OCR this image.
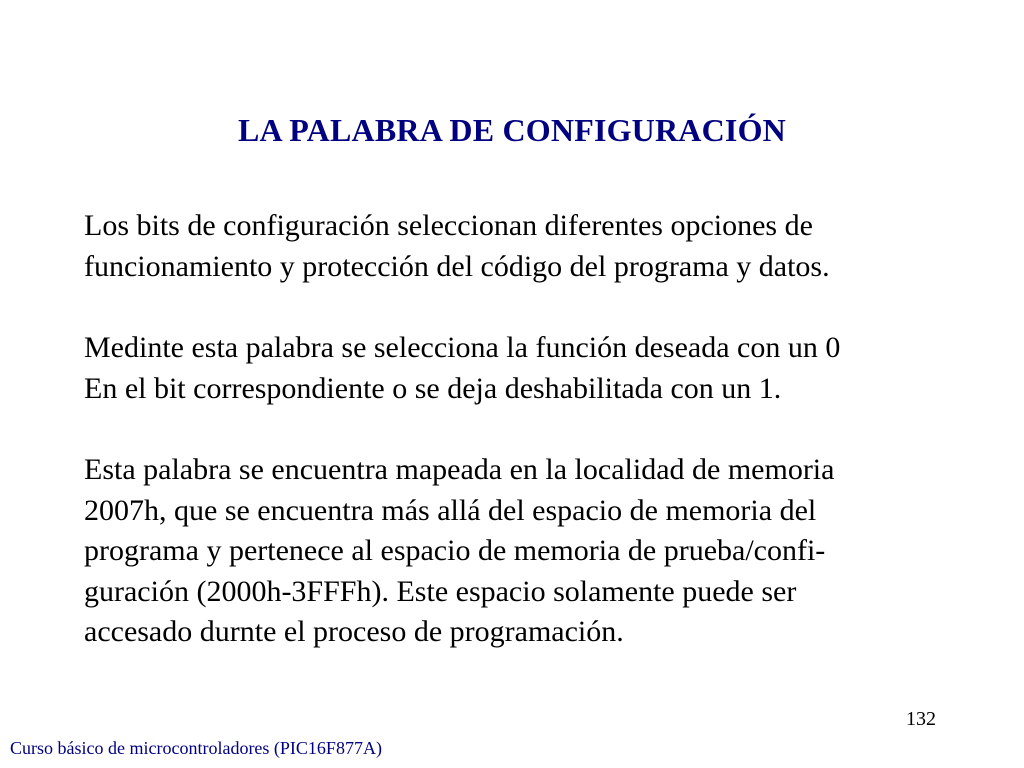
LA PALABRA DE CONFIGURACIÓN
Los bits de configuración seleccionan diferentes opciones de
funcionamiento y protección del código del programa y datos.
Medinte esta palabra se selecciona la función deseada con un 0
En el bit correspondiente o se deja deshabilitada con un 1.
Esta palabra se encuentra mapeada en la localidad de memoria
2007h, que se encuentra más allá del espacio de memoria del
programa y pertenece al espacio de memoria de prueba/confi-
guración (2000h-3FFFh). Este espacio solamente puede ser
accesado durnte el proceso de programación.
132
Curso básico de microcontroladores (PIC16F877A)
